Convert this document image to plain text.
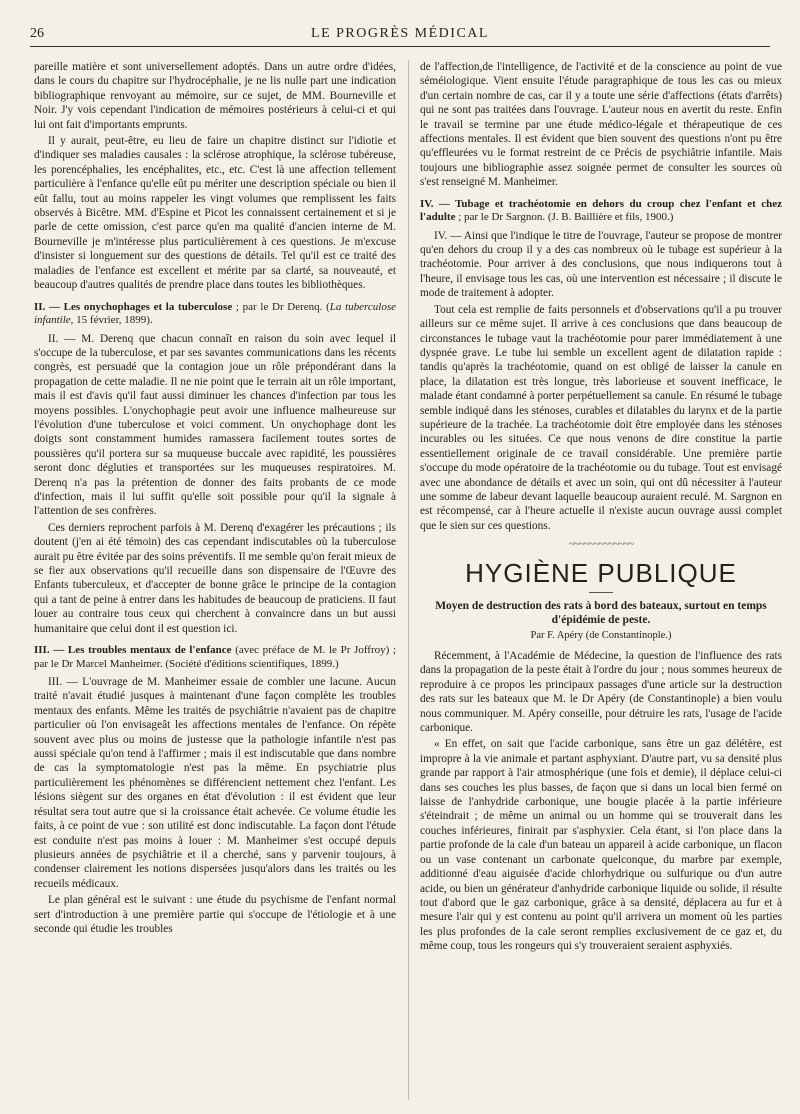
26	LE PROGRÈS MÉDICAL

pareille matière et sont universellement adoptés. Dans un autre ordre d'idées, dans le cours du chapitre sur l'hydrocéphalie, je ne lis nulle part une indication bibliographique renvoyant au mémoire, sur ce sujet, de MM. Bourneville et Noir. J'y vois cependant l'indication de mémoires postérieurs à celui-ci et qui lui ont fait d'importants emprunts.

Il y aurait, peut-être, eu lieu de faire un chapitre distinct sur l'idiotie et d'indiquer ses maladies causales : la sclérose atrophique, la sclérose tubéreuse, les porencéphalies, les encéphalites, etc., etc. C'est là une affection tellement particulière à l'enfance qu'elle eût pu mériter une description spéciale ou bien il eût fallu, tout au moins rappeler les vingt volumes que remplissent les faits observés à Bicêtre. MM. d'Espine et Picot les connaissent certainement et si je parle de cette omission, c'est parce qu'en ma qualité d'ancien interne de M. Bourneville je m'intéresse plus particulièrement à ces questions. Je m'excuse d'insister si longuement sur des questions de détails. Tel qu'il est ce traité des maladies de l'enfance est excellent et mérite par sa clarté, sa nouveauté, et beaucoup d'autres qualités de prendre place dans toutes les bibliothèques.

II. — Les onychophages et la tuberculose ; par le Dr Derenq. (La tuberculose infantile, 15 février, 1899).

II. — M. Derenq que chacun connaît en raison du soin avec lequel il s'occupe de la tuberculose, et par ses savantes communications dans les récents congrès, est persuadé que la contagion joue un rôle prépondérant dans la propagation de cette maladie. Il ne nie point que le terrain ait un rôle important, mais il est d'avis qu'il faut aussi diminuer les chances d'infection par tous les moyens possibles. L'onychophagie peut avoir une influence malheureuse sur l'évolution d'une tuberculose et voici comment. Un onychophage dont les doigts sont constamment humides ramassera facilement toutes sortes de poussières qu'il portera sur sa muqueuse buccale avec rapidité, les poussières seront donc dégluties et transportées sur les muqueuses respiratoires. M. Derenq n'a pas la prétention de donner des faits probants de ce mode d'infection, mais il lui suffit qu'elle soit possible pour qu'il la signale à l'attention de ses confrères.

Ces derniers reprochent parfois à M. Derenq d'exagérer les précautions ; ils doutent (j'en ai été témoin) des cas cependant indiscutables où la tuberculose aurait pu être évitée par des soins préventifs. Il me semble qu'on ferait mieux de se fier aux observations qu'il recueille dans son dispensaire de l'Œuvre des Enfants tuberculeux, et d'accepter de bonne grâce le principe de la contagion qui a tant de peine à entrer dans les habitudes de beaucoup de praticiens. Il faut louer au contraire tous ceux qui cherchent à convaincre dans un but aussi humanitaire que celui dont il est question ici.

III. — Les troubles mentaux de l'enfance (avec préface de M. le Pr Joffroy) ; par le Dr Marcel Manheimer. (Société d'éditions scientifiques, 1899.)

III. — L'ouvrage de M. Manheimer essaie de combler une lacune. Aucun traité n'avait étudié jusques à maintenant d'une façon complète les troubles mentaux des enfants. Même les traités de psychiâtrie n'avaient pas de chapitre particulier où l'on envisageât les affections mentales de l'enfance. On répète souvent avec plus ou moins de justesse que la pathologie infantile n'est pas aussi spéciale qu'on tend à l'affirmer ; mais il est indiscutable que dans nombre de cas la symptomatologie n'est pas la même. En psychiatrie plus particulièrement les phénomènes se différencient nettement chez l'enfant. Les lésions siègent sur des organes en état d'évolution : il est évident que leur résultat sera tout autre que si la croissance était achevée. Ce volume étudie les faits, à ce point de vue : son utilité est donc indiscutable. La façon dont l'étude est conduite n'est pas moins à louer : M. Manheimer s'est occupé depuis plusieurs années de psychiâtrie et il a cherché, sans y parvenir toujours, à condenser clairement les notions dispersées jusqu'alors dans les traités ou les recueils médicaux.

Le plan général est le suivant : une étude du psychisme de l'enfant normal sert d'introduction à une première partie qui s'occupe de l'étiologie et à une seconde qui étudie les troubles

de l'affection,de l'intelligence, de l'activité et de la conscience au point de vue séméiologique. Vient ensuite l'étude paragraphique de tous les cas ou mieux d'un certain nombre de cas, car il y a toute une série d'affections (états d'arrêts) qui ne sont pas traitées dans l'ouvrage. L'auteur nous en avertit du reste. Enfin le travail se termine par une étude médico-légale et thérapeutique de ces affections mentales. Il est évident que bien souvent des questions n'ont pu être qu'effleurées vu le format restreint de ce Précis de psychiâtrie infantile. Mais toujours une bibliographie assez soignée permet de consulter les sources où s'est renseigné M. Manheimer.

IV. — Tubage et trachéotomie en dehors du croup chez l'enfant et chez l'adulte ; par le Dr Sargnon. (J. B. Baillière et fils, 1900.)

IV. — Ainsi que l'indique le titre de l'ouvrage, l'auteur se propose de montrer qu'en dehors du croup il y a des cas nombreux où le tubage est supérieur à la trachéotomie. Pour arriver à des conclusions, que nous indiquerons tout à l'heure, il envisage tous les cas, où une intervention est nécessaire ; il discute le mode de traitement à adopter.

Tout cela est remplie de faits personnels et d'observations qu'il a pu trouver ailleurs sur ce même sujet. Il arrive à ces conclusions que dans beaucoup de circonstances le tubage vaut la trachéotomie pour parer immédiatement à une dyspnée grave. Le tube lui semble un excellent agent de dilatation rapide : tandis qu'après la trachéotomie, quand on est obligé de laisser la canule en place, la dilatation est très longue, très laborieuse et souvent inefficace, le malade étant condamné à porter perpétuellement sa canule. En résumé le tubage semble indiqué dans les sténoses, curables et dilatables du larynx et de la partie supérieure de la trachée. La trachéotomie doit être employée dans les sténoses incurables ou les situées. Ce que nous venons de dire constitue la partie essentiellement originale de ce travail considérable. Une première partie s'occupe du mode opératoire de la trachéotomie ou du tubage. Tout est envisagé avec une abondance de détails et avec un soin, qui ont dû nécessiter à l'auteur une somme de labeur devant laquelle beaucoup auraient reculé. M. Sargnon en est récompensé, car à l'heure actuelle il n'existe aucun ouvrage aussi complet que le sien sur ces questions.

~~~~~~~~~~~~~
HYGIÈNE PUBLIQUE

Moyen de destruction des rats à bord des bateaux, surtout en temps d'épidémie de peste.

Par F. Apéry (de Constantinople.)

Récemment, à l'Académie de Médecine, la question de l'influence des rats dans la propagation de la peste était à l'ordre du jour ; nous sommes heureux de reproduire à ce propos les principaux passages d'une article sur la destruction des rats sur les bateaux que M. le Dr Apéry (de Constantinople) a bien voulu nous communiquer. M. Apéry conseille, pour détruire les rats, l'usage de l'acide carbonique.

« En effet, on sait que l'acide carbonique, sans être un gaz délétère, est impropre à la vie animale et partant asphyxiant. D'autre part, vu sa densité plus grande par rapport à l'air atmosphérique (une fois et demie), il déplace celui-ci dans ses couches les plus basses, de façon que si dans un local bien fermé on laisse de l'anhydride carbonique, une bougie placée à la partie inférieure s'éteindrait ; de même un animal ou un homme qui se trouverait dans les couches inférieures, finirait par s'asphyxier. Cela étant, si l'on place dans la partie profonde de la cale d'un bateau un appareil à acide carbonique, un flacon ou un vase contenant un carbonate quelconque, du marbre par exemple, additionné d'eau aiguisée d'acide chlorhydrique ou sulfurique ou d'un autre acide, ou bien un générateur d'anhydride carbonique liquide ou solide, il résulte tout d'abord que le gaz carbonique, grâce à sa densité, déplacera au fur et à mesure l'air qui y est contenu au point qu'il arrivera un moment où les parties les plus profondes de la cale seront remplies exclusivement de ce gaz et, du même coup, tous les rongeurs qui s'y trouveraient seraient asphyxiés.
